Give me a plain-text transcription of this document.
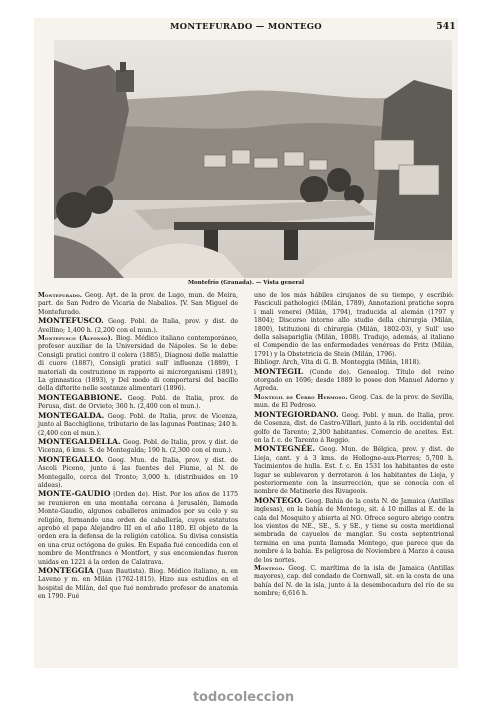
MONTEFURADO — MONTEGO	541
Montefrío (Granada). — Vista general

Montefurado. Geog. Ayt. de la prov. de Lugo, mun. de Meira, part. de San Pedro de Vicaria de Nabalios. [V. San Miguel de Montefurado.

MONTEFUSCO. Geog. Pobl. de Italia, prov. y dist. de Avellino; 1,400 h. (2,200 con el mun.).

Montefusco (Alfonso). Biog. Médico italiano contemporáneo, profesor auxiliar de la Universidad de Nápoles. Se le debe: Consigli pratici contro il colera (1885), Diagnosi delle malattie di cuore (1887), Consigli pratici sull' influenza (1889), I materiali da costruzione in rapporto ai microrganismi (1891), La ginnastica (1893), y Del modo di comportarsi del bacillo della difterite nelle sostanze alimentari (1896).

MONTEGABBIONE. Geog. Pobl. de Italia, prov. de Perusa, dist. de Orvieto; 360 h. (2,400 con el mun.).

MONTEGALDA. Geog. Pobl. de Italia, prov. de Vicenza, junto al Bacchiglione, tributario de las lagunas Pontinas; 240 h. (2,400 con el mun.).

MONTEGALDELLA. Geog. Pobl. de Italia, prov. y dist. de Vicenza, 6 kms. S. de Montegalda; 190 h. (2,300 con el mun.).

MONTEGALLO. Geog. Mun. de Italia, prov. y dist. de Ascoli Piceno, junto á las fuentes del Fiume, al N. de Montegallo, cerca del Tronto; 3,000 h. (distribuidos en 19 aldeas).

MONTE-GAUDIO (Orden de). Hist. Por los años de 1175 se reunieron en una montaña cercana á Jerusalén, llamada Monte-Gaudio, algunos caballeros animados por su celo y su religión, formando una orden de caballería, cuyos estatutos aprobó el papa Alejandro III en el año 1180. El objeto de la orden era la defensa de la religión católica. Su divisa consistía en una cruz octógona de gules. En España fué concedida con el nombre de Montfrancs ó Montfort, y sus encomiendas fueron unidas en 1221 á la orden de Calatrava.

MONTEGGIA (Juan Bautista). Biog. Médico italiano, n. en Laveno y m. en Milán (1762-1815). Hizo sus estudios en el hospital de Milán, del que fué nombrado profesor de anatomía en 1790. Fué

uno de los más hábiles cirujanos de su tiempo, y escribió: Fasciculi pathologici (Milán, 1789), Annotazioni pratiche sopra i mali venerei (Milán, 1794), traducida al alemán (1797 y 1804); Discorso intorno allo studio della chirurgia (Milán, 1800), Istituzioni di chirurgia (Milán, 1802-03), y Sull' uso della salsapariglia (Milán, 1808). Tradujo, además, al italiano el Compendio de las enfermedades venéreas de Fritz (Milán, 1791) y la Obstetricia de Stein (Milán, 1796).

Bibliogr. Arch, Vita di G. B. Monteggia (Milán, 1818).

MONTEGIL (Conde de). Genealog. Título del reino otorgado en 1696; desde 1889 lo posee don Manuel Adorno y Agreda.

Montegil de Cerro Hermoso. Geog. Cas. de la prov. de Sevilla, mun. de El Pedroso.

MONTEGIORDANO. Geog. Pobl. y mun. de Italia, prov. de Cosenza, dist. de Castro-Villari, junto á la rib. occidental del golfo de Tarento; 2,300 habitantes. Comercio de aceites. Est. en la f. c. de Tarento á Reggio.

MONTEGNÉE. Geog. Mun. de Bélgica, prov. y dist. de Lieja, cant. y á 3 kms. de Hollogne-aux-Pierres; 5,700 h. Yacimientos de hulla. Est. f. c. En 1531 los habitantes de este lugar se sublevaron y derrotaron á los habitantes de Lieja, y posteriormente con la insurrección, que se conocía con el nombre de Matinerie des Rivageois.

MONTEGO. Geog. Bahía de la costa N. de Jamaica (Antillas inglesas), en la bahía de Montego, sit. á 10 millas al E. de la cala del Mosquito y abierta al NO. Ofrece seguro abrigo contra los vientos de NE., SE., S. y SE., y tiene su costa meridional sembrada de cayuelos de manglar. Su costa septentrional termina en una punta llamada Montego, que parece que da nombre á la bahía. Es peligrosa de Noviembre á Marzo á causa de los nortes.

Montego. Geog. C. marítima de la isla de Jamaica (Antillas mayores), cap. del condado de Cornwall, sit. en la costa de una bahía del N. de la isla, junto á la desembocadura del río de su nombre; 6,616 h.

todocoleccion
